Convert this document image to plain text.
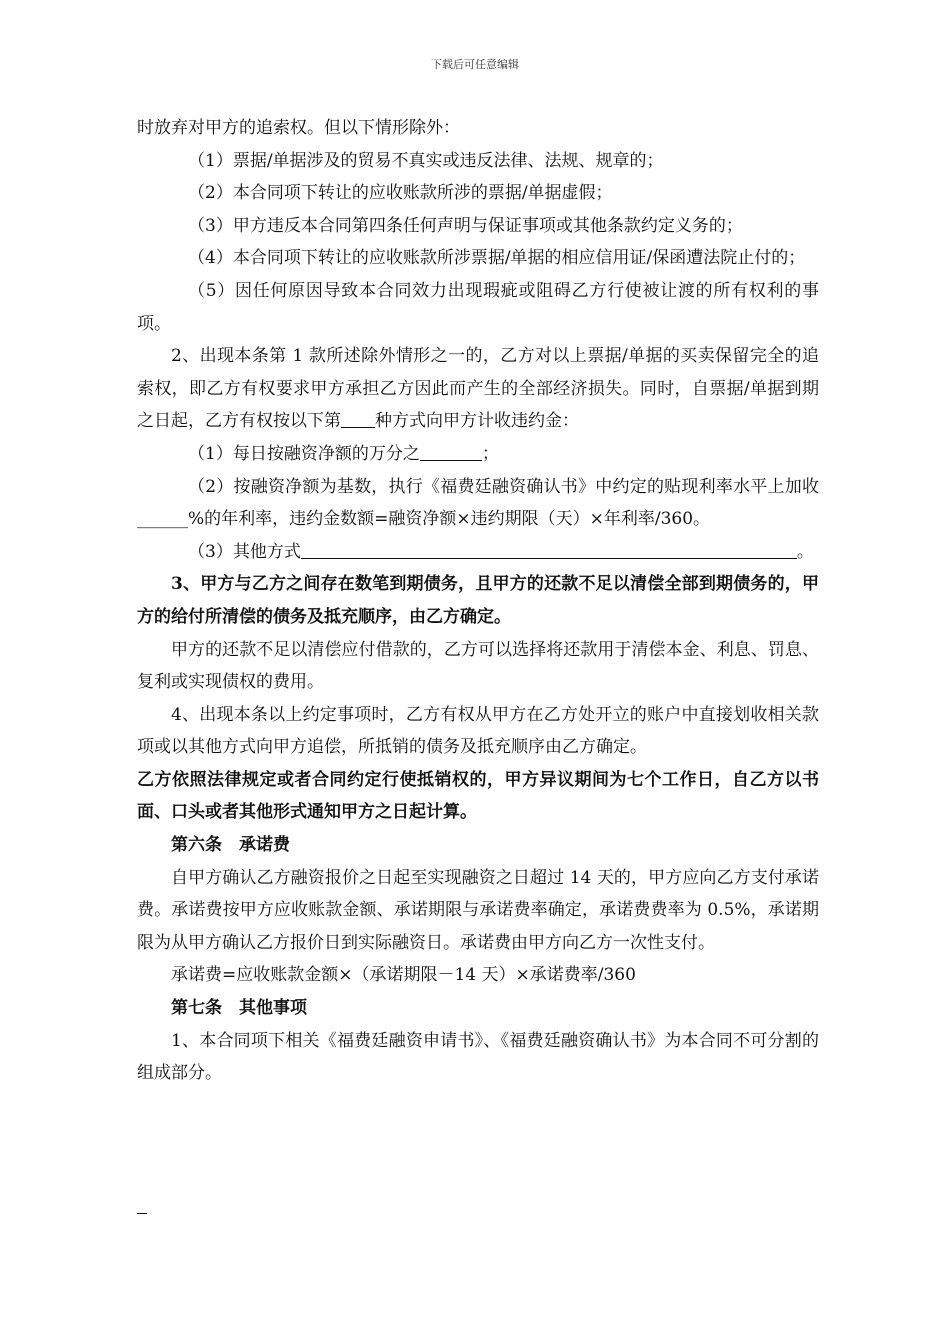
下载后可任意编辑

时放弃对甲方的追索权。但以下情形除外：

（1）票据/单据涉及的贸易不真实或违反法律、法规、规章的；

（2）本合同项下转让的应收账款所涉的票据/单据虚假；

（3）甲方违反本合同第四条任何声明与保证事项或其他条款约定义务的；

（4）本合同项下转让的应收账款所涉票据/单据的相应信用证/保函遭法院止付的；

（5）因任何原因导致本合同效力出现瑕疵或阻碍乙方行使被让渡的所有权利的事项。

2、出现本条第 1 款所述除外情形之一的，乙方对以上票据/单据的买卖保留完全的追索权，即乙方有权要求甲方承担乙方因此而产生的全部经济损失。同时，自票据/单据到期之日起，乙方有权按以下第 种方式向甲方计收违约金：

（1）每日按融资净额的万分之	；

（2）按融资净额为基数，执行《福费廷融资确认书》中约定的贴现利率水平上加收______%的年利率，违约金数额=融资净额×违约期限（天）×年利率/360。

（3）其他方式	。

3、甲方与乙方之间存在数笔到期债务，且甲方的还款不足以清偿全部到期债务的，甲方的给付所清偿的债务及抵充顺序，由乙方确定。

甲方的还款不足以清偿应付借款的，乙方可以选择将还款用于清偿本金、利息、罚息、复利或实现债权的费用。

4、出现本条以上约定事项时，乙方有权从甲方在乙方处开立的账户中直接划收相关款项或以其他方式向甲方追偿，所抵销的债务及抵充顺序由乙方确定。

乙方依照法律规定或者合同约定行使抵销权的，甲方异议期间为七个工作日，自乙方以书面、口头或者其他形式通知甲方之日起计算。

第六条　承诺费

自甲方确认乙方融资报价之日起至实现融资之日超过 14 天的，甲方应向乙方支付承诺费。承诺费按甲方应收账款金额、承诺期限与承诺费率确定，承诺费费率为 0.5%，承诺期限为从甲方确认乙方报价日到实际融资日。承诺费由甲方向乙方一次性支付。

承诺费=应收账款金额×（承诺期限－14 天）×承诺费率/360

第七条　其他事项

1、本合同项下相关《福费廷融资申请书》、《福费廷融资确认书》为本合同不可分割的组成部分。
